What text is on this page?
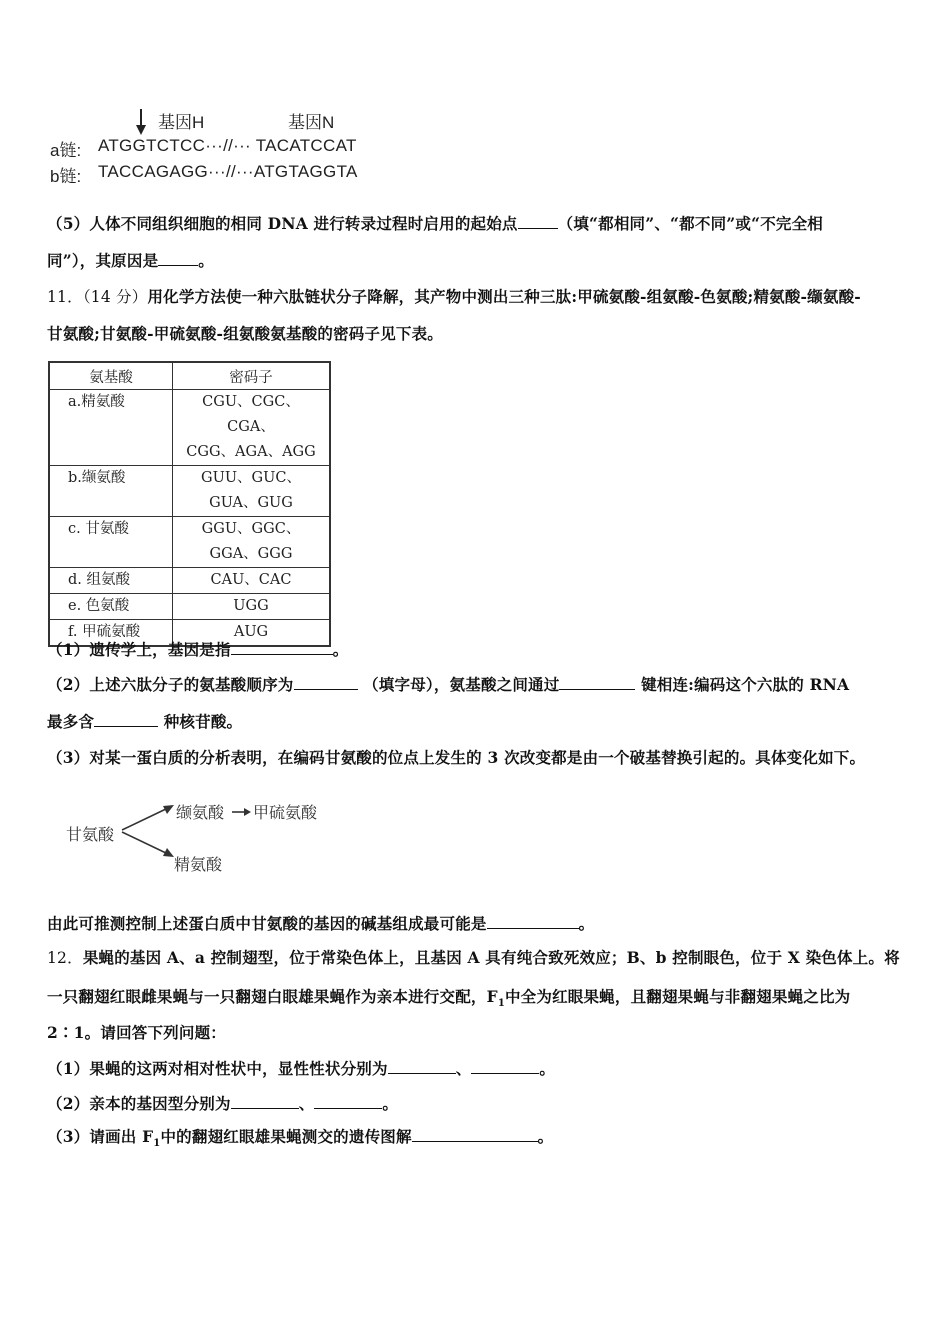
基因H	基因N
a链: ATGGTCTCC···//··· TACATCCAT
b链: TACCAGAGG···//···ATGTAGGTA
（5）人体不同组织细胞的相同 DNA 进行转录过程时启用的起始点	（填“都相同”、“都不同”或“不完全相
同”），其原因是	。
11．（14 分）用化学方法使一种六肽链状分子降解，其产物中测出三种三肽:甲硫氨酸-组氨酸-色氨酸;精氨酸-缬氨酸-
甘氨酸;甘氨酸-甲硫氨酸-组氨酸氨基酸的密码子见下表。
氨基酸	密码子
a.精氨酸	CGU、CGC、CGA、
CGG、AGA、AGG

b.缬氨酸	GUU、GUC、
GUA、GUG

c. 甘氨酸	GGU、GGC、
GGA、GGG

d. 组氨酸	CAU、CAC
e. 色氨酸	UGG
f. 甲硫氨酸	AUG
（1）遗传学上，基因是指	。
（2）上述六肽分子的氨基酸顺序为	（填字母），氨基酸之间通过	键相连:编码这个六肽的 RNA
最多含	种核苷酸。
（3）对某一蛋白质的分析表明，在编码甘氨酸的位点上发生的 3 次改变都是由一个破基替换引起的。具体变化如下。
甘氨酸
缬氨酸 甲硫氨酸
精氨酸
由此可推测控制上述蛋白质中甘氨酸的基因的碱基组成最可能是	。
12．果蝇的基因 A、a 控制翅型，位于常染色体上，且基因 A 具有纯合致死效应；B、b 控制眼色，位于 X 染色体上。将
一只翻翅红眼雌果蝇与一只翻翅白眼雄果蝇作为亲本进行交配，$F_1$中全为红眼果蝇，且翻翅果蝇与非翻翅果蝇之比为
2∶1。请回答下列问题：
（1）果蝇的这两对相对性状中，显性性状分别为	、	。
（2）亲本的基因型分别为	、	。
（3）请画出 $F_1$中的翻翅红眼雄果蝇测交的遗传图解	。
